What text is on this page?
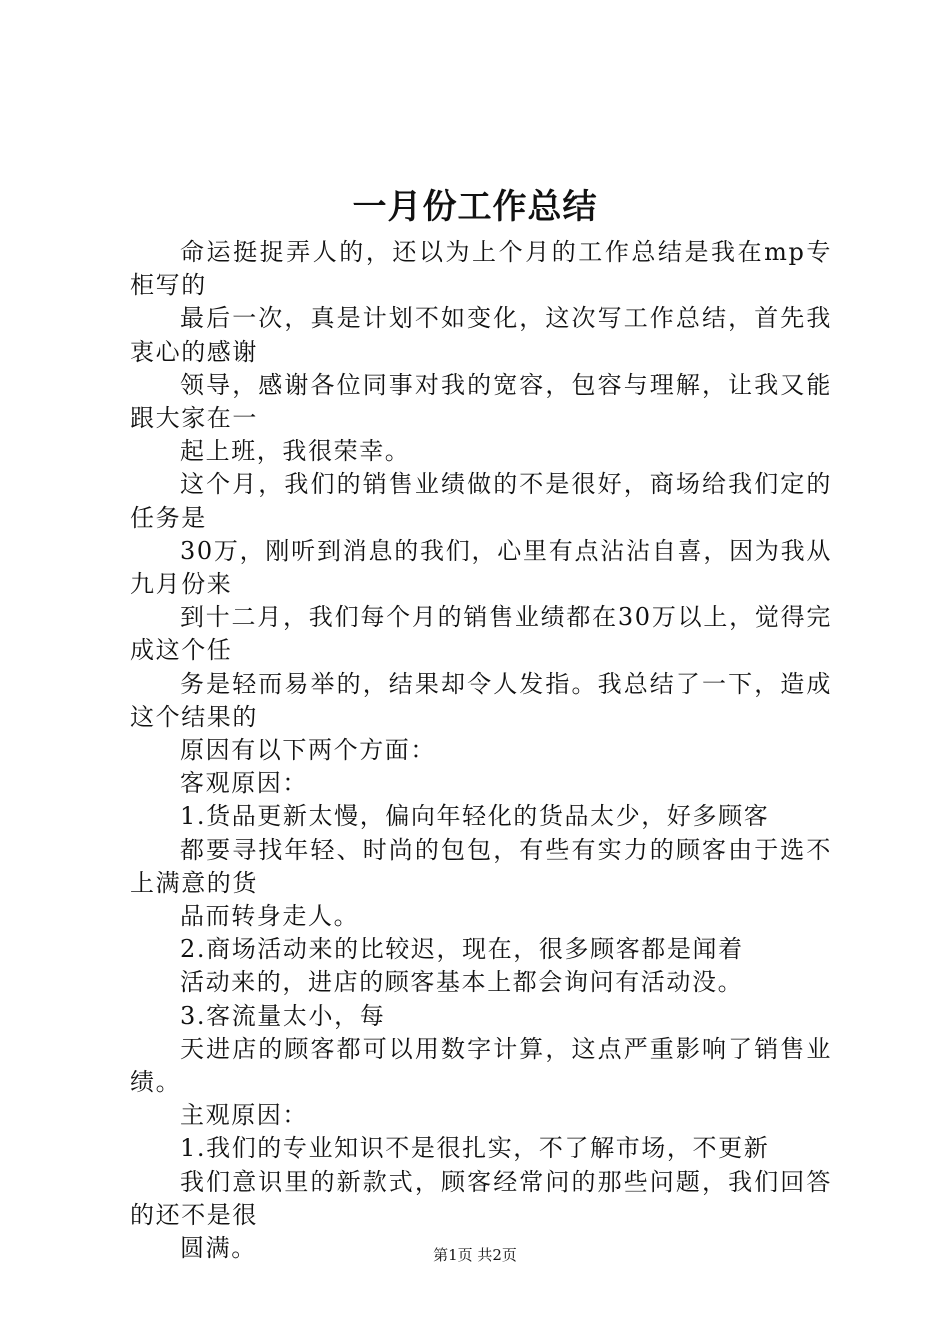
一月份工作总结

命运挺捉弄人的，还以为上个月的工作总结是我在mp专柜写的

最后一次，真是计划不如变化，这次写工作总结，首先我衷心的感谢

领导，感谢各位同事对我的宽容，包容与理解，让我又能跟大家在一

起上班，我很荣幸。

这个月，我们的销售业绩做的不是很好，商场给我们定的任务是

30万，刚听到消息的我们，心里有点沾沾自喜，因为我从九月份来

到十二月，我们每个月的销售业绩都在30万以上，觉得完成这个任

务是轻而易举的，结果却令人发指。我总结了一下，造成这个结果的

原因有以下两个方面：

客观原因：

1.货品更新太慢，偏向年轻化的货品太少，好多顾客

都要寻找年轻、时尚的包包，有些有实力的顾客由于选不上满意的货

品而转身走人。

2.商场活动来的比较迟，现在，很多顾客都是闻着

活动来的，进店的顾客基本上都会询问有活动没。

3.客流量太小，每

天进店的顾客都可以用数字计算，这点严重影响了销售业绩。

主观原因：

1.我们的专业知识不是很扎实，不了解市场，不更新

我们意识里的新款式，顾客经常问的那些问题，我们回答的还不是很

圆满。	第1页 共2页
